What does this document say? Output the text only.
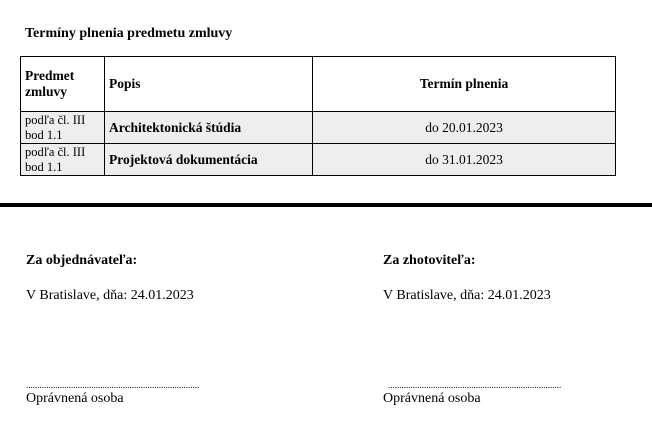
Termíny plnenia predmetu zmluvy
Predmet zmluvy	Popis	Termín plnenia
podľa čl. III bod 1.1	Architektonická štúdia	do 20.01.2023
podľa čl. III bod 1.1	Projektová dokumentácia	do 31.01.2023
Za objednávateľa:	Za zhotoviteľa:
V Bratislave, dňa: 24.01.2023	V Bratislave, dňa: 24.01.2023
.............................................................................	.............................................................................
Oprávnená osoba	Oprávnená osoba
